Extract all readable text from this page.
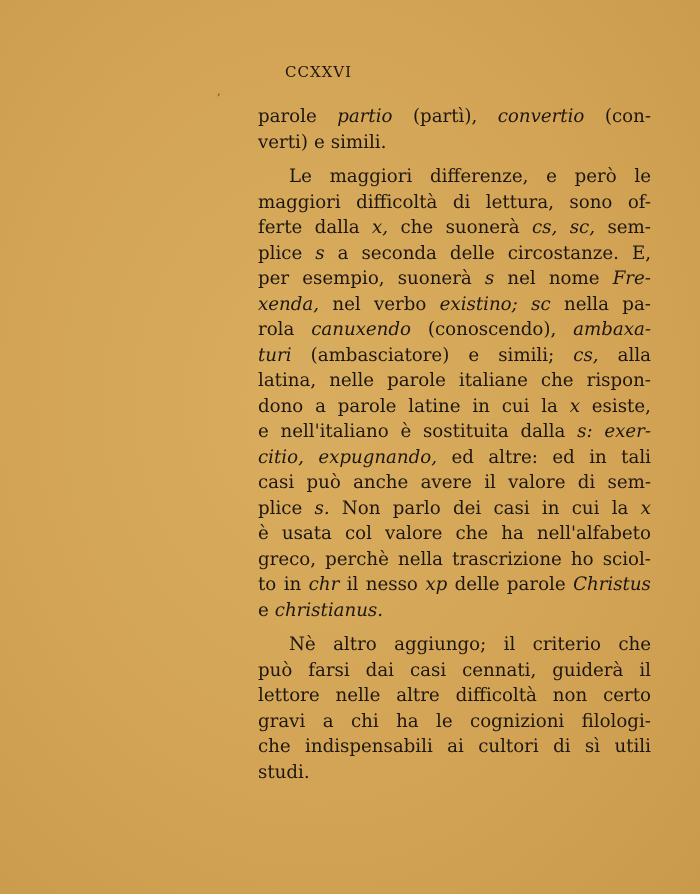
CCXXVI
,
parole partio (partì), convertio (con-
verti) e simili.
Le maggiori differenze, e però le
maggiori difficoltà di lettura, sono of-
ferte dalla x, che suonerà cs, sc, sem-
plice s a seconda delle circostanze. E,
per esempio, suonerà s nel nome Fre-
xenda, nel verbo existino; sc nella pa-
rola canuxendo (conoscendo), ambaxa-
turi (ambasciatore) e simili; cs, alla
latina, nelle parole italiane che rispon-
dono a parole latine in cui la x esiste,
e nell'italiano è sostituita dalla s: exer-
citio, expugnando, ed altre: ed in tali
casi può anche avere il valore di sem-
plice s. Non parlo dei casi in cui la x
è usata col valore che ha nell'alfabeto
greco, perchè nella trascrizione ho sciol-
to in chr il nesso xp delle parole Christus
e christianus.
Nè altro aggiungo; il criterio che
può farsi dai casi cennati, guiderà il
lettore nelle altre difficoltà non certo
gravi a chi ha le cognizioni filologi-
che indispensabili ai cultori di sì utili
studi.
